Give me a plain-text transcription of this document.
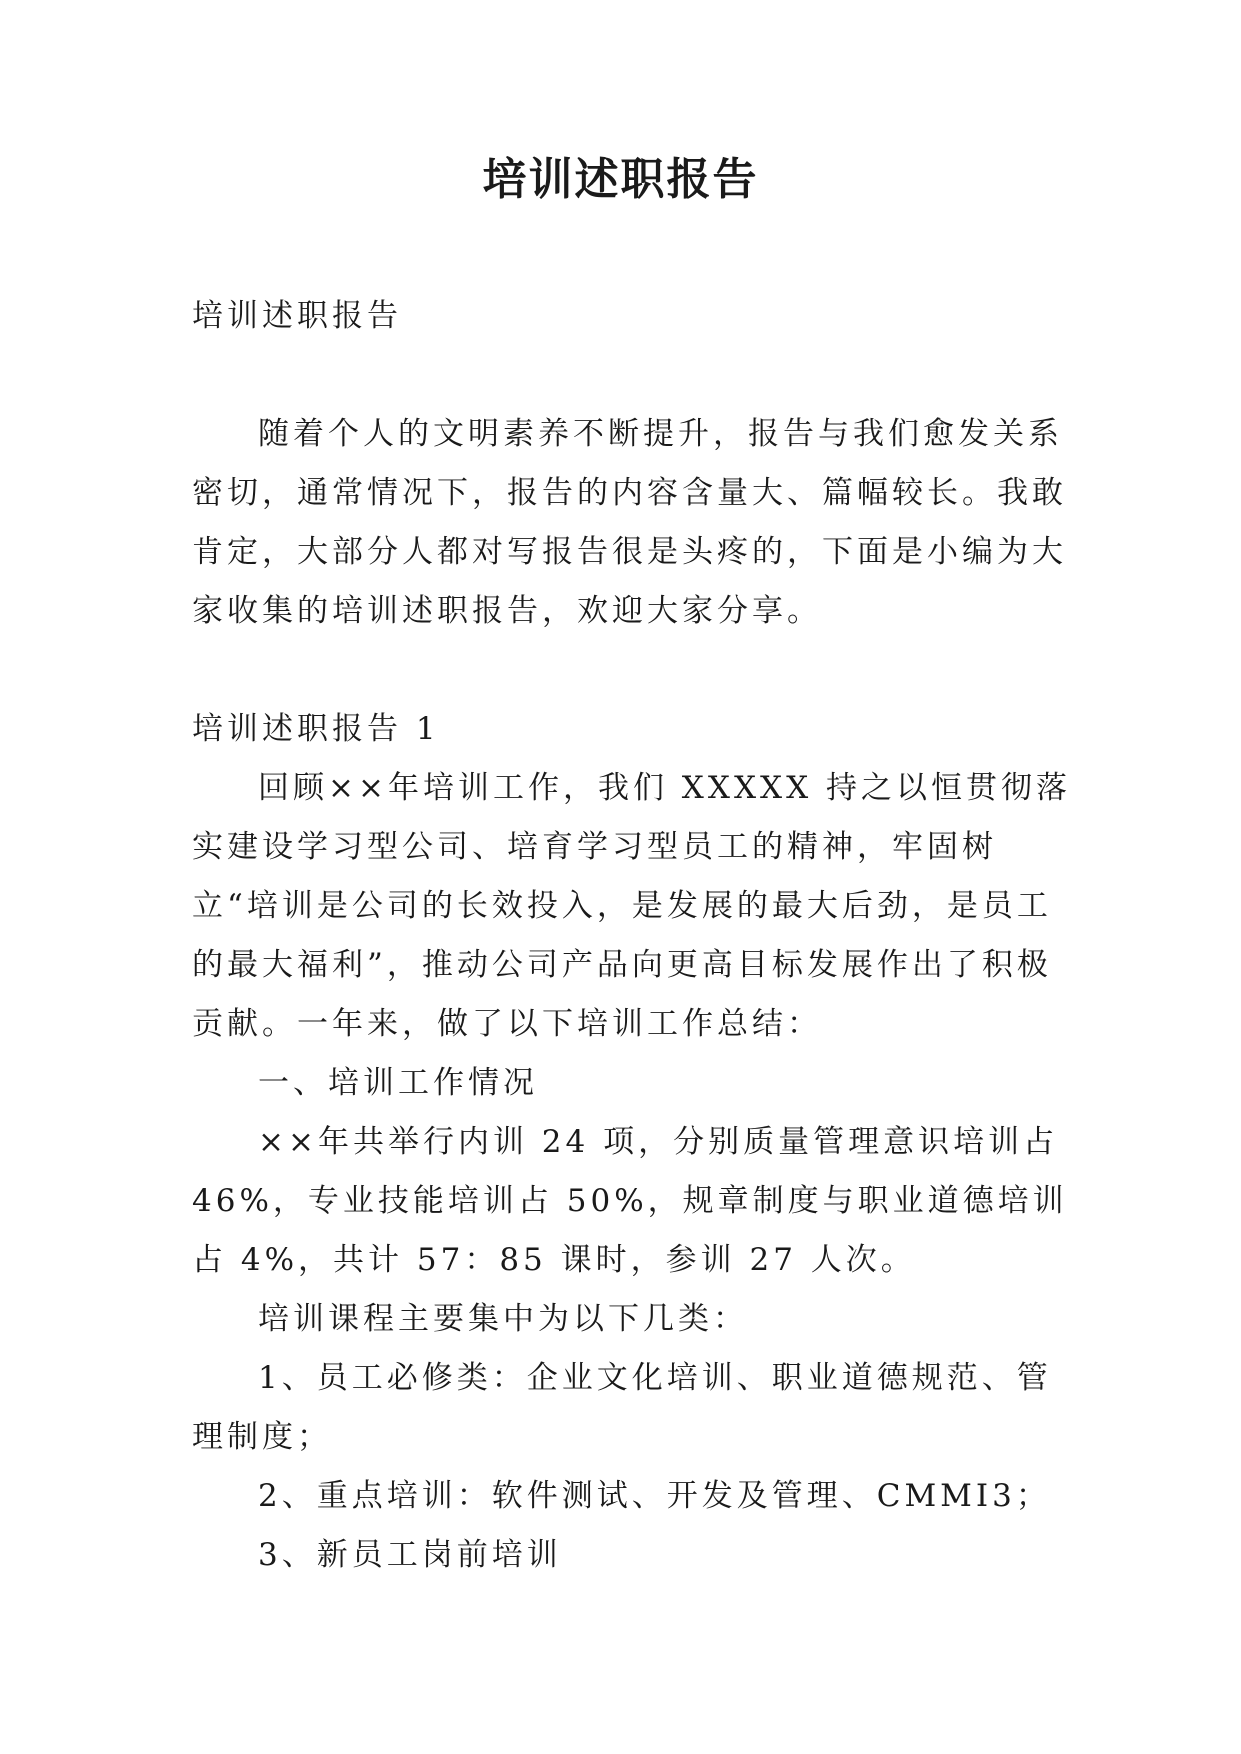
培训述职报告

培训述职报告

随着个人的文明素养不断提升，报告与我们愈发关系密切，通常情况下，报告的内容含量大、篇幅较长。我敢肯定，大部分人都对写报告很是头疼的，下面是小编为大家收集的培训述职报告，欢迎大家分享。

培训述职报告 1

回顾××年培训工作，我们 XXXXX 持之以恒贯彻落实建设学习型公司、培育学习型员工的精神，牢固树立“培训是公司的长效投入，是发展的最大后劲，是员工的最大福利”，推动公司产品向更高目标发展作出了积极贡献。一年来，做了以下培训工作总结：

一、培训工作情况

××年共举行内训 24 项，分别质量管理意识培训占 46%，专业技能培训占 50%，规章制度与职业道德培训占 4%，共计 57：85 课时，参训 27 人次。

培训课程主要集中为以下几类：

1、员工必修类：企业文化培训、职业道德规范、管理制度；

2、重点培训：软件测试、开发及管理、CMMI3；

3、新员工岗前培训
